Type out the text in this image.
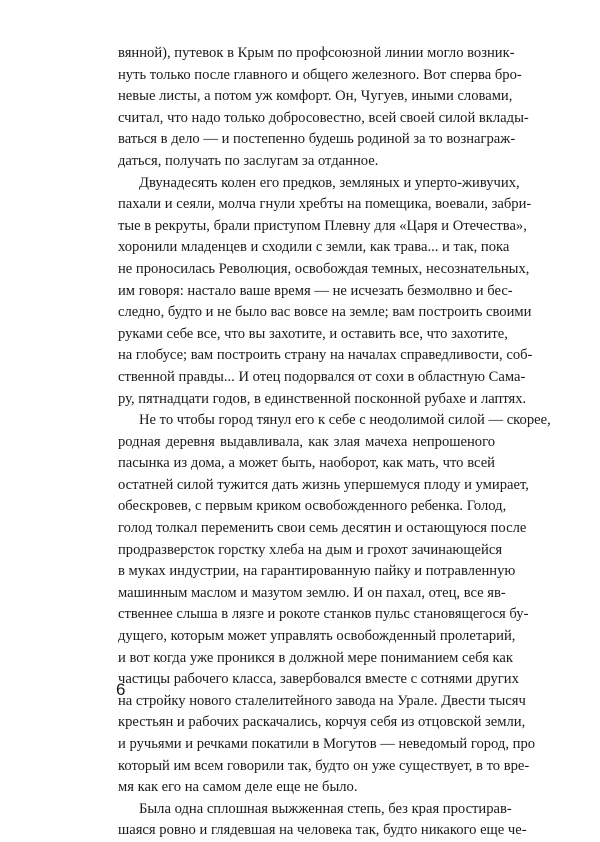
вянной), путевок в Крым по профсоюзной линии могло возник-
нуть только после главного и общего железного. Вот сперва бро-
невые листы, а потом уж комфорт. Он, Чугуев, иными словами,
считал, что надо только добросовестно, всей своей силой вклады-
ваться в дело — и постепенно будешь родиной за то вознаграж-
даться, получать по заслугам за отданное.
Двунадесять колен его предков, земляных и уперто-живучих,
пахали и сеяли, молча гнули хребты на помещика, воевали, забри-
тые в рекруты, брали приступом Плевну для «Царя и Отечества»,
хоронили младенцев и сходили с земли, как трава... и так, пока
не проносилась Революция, освобождая темных, несознательных,
им говоря: настало ваше время — не исчезать безмолвно и бес-
следно, будто и не было вас вовсе на земле; вам построить своими
руками себе все, что вы захотите, и оставить все, что захотите,
на глобусе; вам построить страну на началах справедливости, соб-
ственной правды... И отец подорвался от сохи в областную Сама-
ру, пятнадцати годов, в единственной посконной рубахе и лаптях.
Не то чтобы город тянул его к себе с неодолимой силой — скорее,
родная деревня выдавливала, как злая мачеха непрошеного
пасынка из дома, а может быть, наоборот, как мать, что всей
остатней силой тужится дать жизнь упершемуся плоду и умирает,
обескровев, с первым криком освобожденного ребенка. Голод,
голод толкал переменить свои семь десятин и остающуюся после
продразверсток горстку хлеба на дым и грохот зачинающейся
в муках индустрии, на гарантированную пайку и потравленную
машинным маслом и мазутом землю. И он пахал, отец, все яв-
ственнее слыша в лязге и рокоте станков пульс становящегося бу-
дущего, которым может управлять освобожденный пролетарий,
и вот когда уже проникся в должной мере пониманием себя как
частицы рабочего класса, завербовался вместе с сотнями других
на стройку нового сталелитейного завода на Урале. Двести тысяч
крестьян и рабочих раскачались, корчуя себя из отцовской земли,
и ручьями и речками покатили в Могутов — неведомый город, про
который им всем говорили так, будто он уже существует, в то вре-
мя как его на самом деле еще не было.
Была одна сплошная выжженная степь, без края простирав-
шаяся ровно и глядевшая на человека так, будто никакого еще че-
6
